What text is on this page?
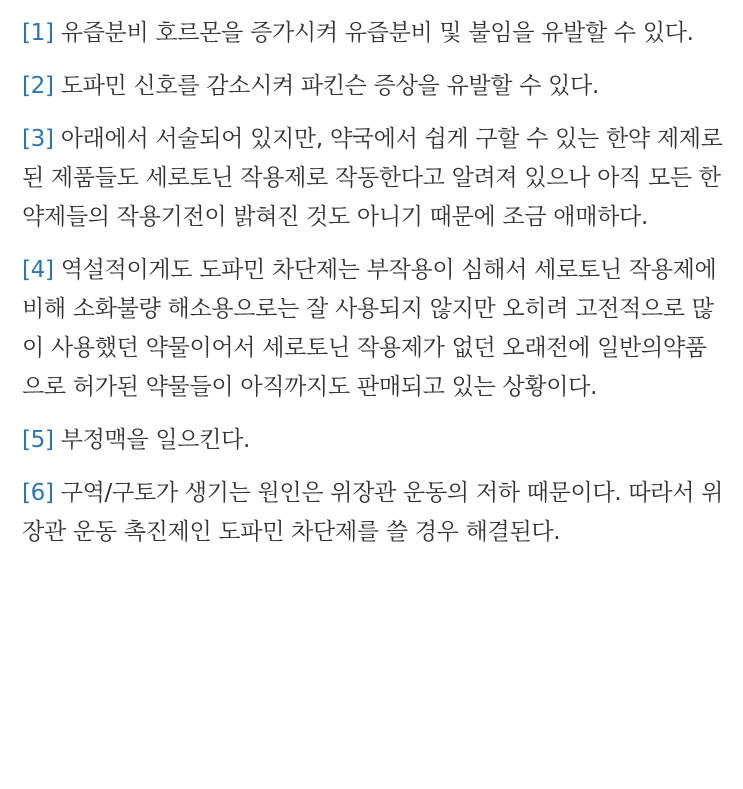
[1] 유즙분비 호르몬을 증가시켜 유즙분비 및 불임을 유발할 수 있다.

[2] 도파민 신호를 감소시켜 파킨슨 증상을 유발할 수 있다.

[3] 아래에서 서술되어 있지만, 약국에서 쉽게 구할 수 있는 한약 제제로 된 제품들도 세로토닌 작용제로 작동한다고 알려져 있으나 아직 모든 한약제들의 작용기전이 밝혀진 것도 아니기 때문에 조금 애매하다.

[4] 역설적이게도 도파민 차단제는 부작용이 심해서 세로토닌 작용제에 비해 소화불량 해소용으로는 잘 사용되지 않지만 오히려 고전적으로 많이 사용했던 약물이어서 세로토닌 작용제가 없던 오래전에 일반의약품으로 허가된 약물들이 아직까지도 판매되고 있는 상황이다.

[5] 부정맥을 일으킨다.

[6] 구역/구토가 생기는 원인은 위장관 운동의 저하 때문이다. 따라서 위장관 운동 촉진제인 도파민 차단제를 쓸 경우 해결된다.
